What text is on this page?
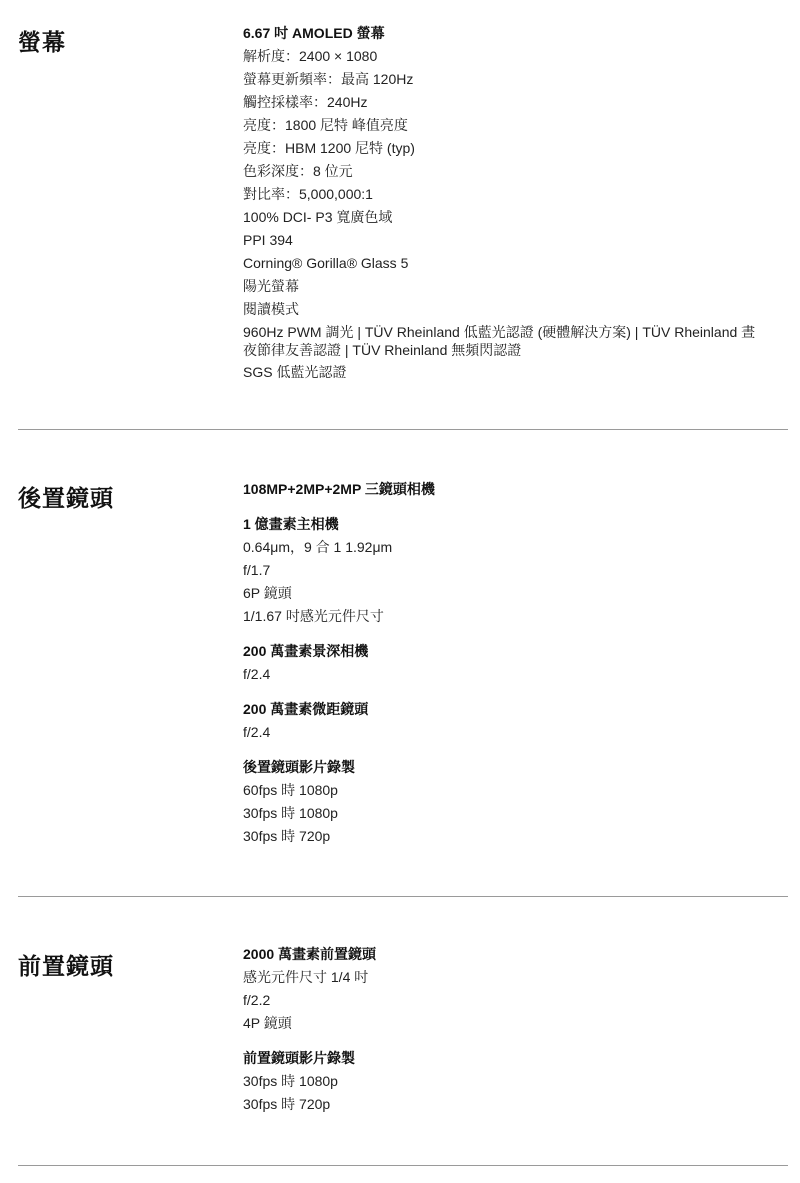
螢幕	6.67 吋 AMOLED 螢幕
解析度：2400 × 1080
螢幕更新頻率：最高 120Hz
觸控採樣率：240Hz
亮度：1800 尼特 峰值亮度
亮度：HBM 1200 尼特 (typ)
色彩深度：8 位元
對比率：5,000,000:1
100% DCI- P3 寬廣色域
PPI 394
Corning® Gorilla® Glass 5
陽光螢幕
閱讀模式
960Hz PWM 調光 | TÜV Rheinland 低藍光認證 (硬體解決方案) | TÜV Rheinland 晝夜節律友善認證 | TÜV Rheinland 無頻閃認證
SGS 低藍光認證
後置鏡頭	108MP+2MP+2MP 三鏡頭相機
1 億畫素主相機
0.64μm，9 合 1 1.92μm
f/1.7
6P 鏡頭
1/1.67 吋感光元件尺寸
200 萬畫素景深相機
f/2.4
200 萬畫素微距鏡頭
f/2.4
後置鏡頭影片錄製
60fps 時 1080p
30fps 時 1080p
30fps 時 720p
前置鏡頭	2000 萬畫素前置鏡頭
感光元件尺寸 1/4 吋
f/2.2
4P 鏡頭
前置鏡頭影片錄製
30fps 時 1080p
30fps 時 720p
